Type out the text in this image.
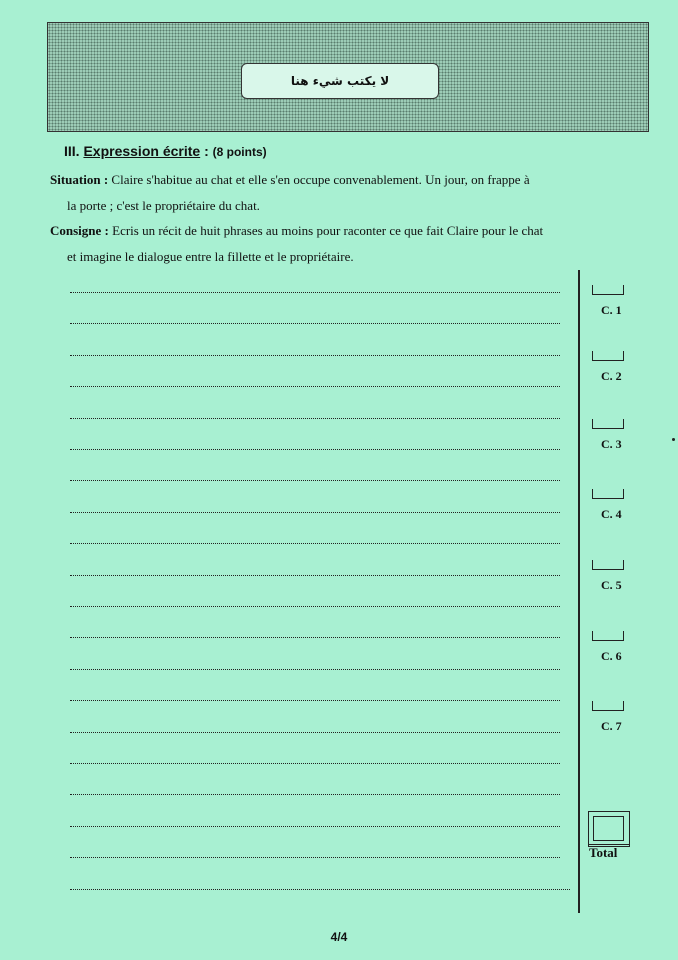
لا يكتب شيء هنا
III. Expression écrite : (8 points)
Situation : Claire s'habitue au chat et elle s'en occupe convenablement. Un jour, on frappe à
la porte ; c'est le propriétaire du chat.
Consigne : Ecris un récit de huit phrases au moins pour raconter ce que fait Claire pour le chat
et imagine le dialogue entre la fillette et le propriétaire.
C. 1
C. 2
C. 3
C. 4
C. 5
C. 6
C. 7
Total
4/4
